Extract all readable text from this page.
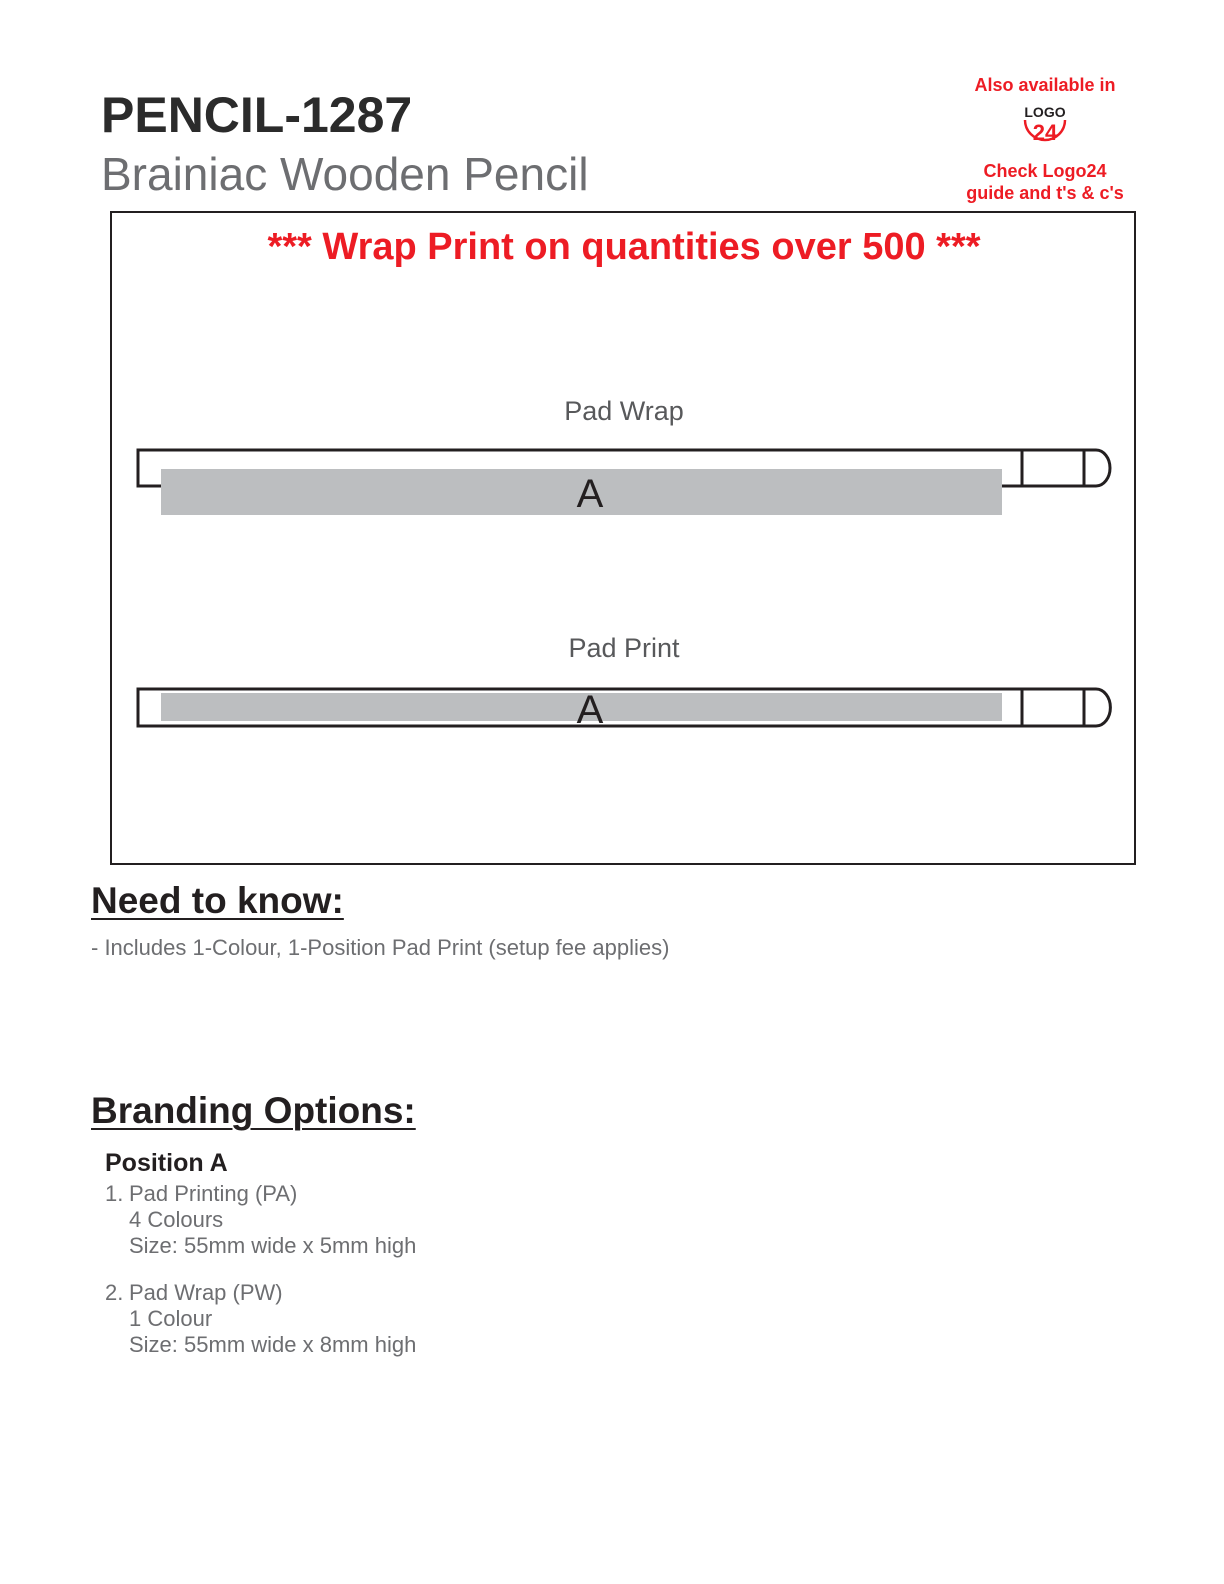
PENCIL-1287
Brainiac Wooden Pencil
Also available in
LOGO
24
Check Logo24
guide and t's & c's
*** Wrap Print on quantities over 500 ***
Pad Wrap
A
Pad Print
A
Need to know:
- Includes 1-Colour, 1-Position Pad Print (setup fee applies)
Branding Options:
Position A
1. Pad Printing (PA)
4 Colours
Size: 55mm wide x 5mm high
2. Pad Wrap (PW)
1 Colour
Size: 55mm wide x 8mm high
